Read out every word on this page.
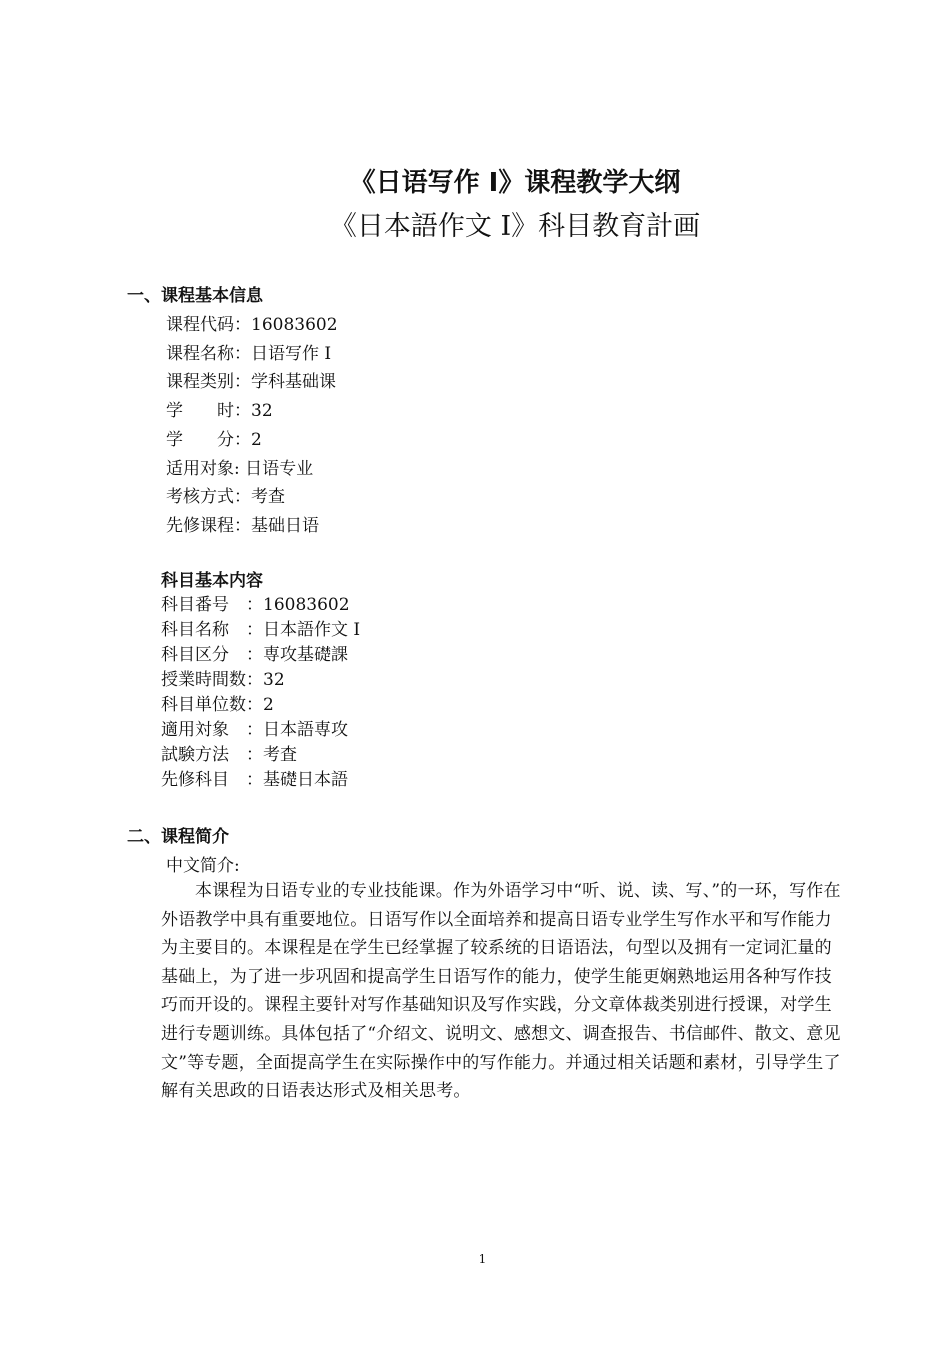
《日语写作 I》课程教学大纲
《日本語作文 I》科目教育計画
一、课程基本信息
课程代码：16083602
课程名称：日语写作 I
课程类别：学科基础课
学　　时：32
学　　分：2
适用对象: 日语专业
考核方式：考查
先修课程：基础日语
科目基本内容
科目番号　：16083602
科目名称　：日本語作文 I
科目区分　：専攻基礎課
授業時間数：32
科目単位数：2
適用対象　：日本語専攻
試験方法　：考査
先修科目　：基礎日本語
二、课程简介
中文简介:
本课程为日语专业的专业技能课。作为外语学习中“听、说、读、写、”的一环，写作在外语教学中具有重要地位。日语写作以全面培养和提高日语专业学生写作水平和写作能力为主要目的。本课程是在学生已经掌握了较系统的日语语法，句型以及拥有一定词汇量的基础上，为了进一步巩固和提高学生日语写作的能力，使学生能更娴熟地运用各种写作技巧而开设的。课程主要针对写作基础知识及写作实践，分文章体裁类别进行授课，对学生进行专题训练。具体包括了“介绍文、说明文、感想文、调查报告、书信邮件、散文、意见文”等专题，全面提高学生在实际操作中的写作能力。并通过相关话题和素材，引导学生了解有关思政的日语表达形式及相关思考。
1
